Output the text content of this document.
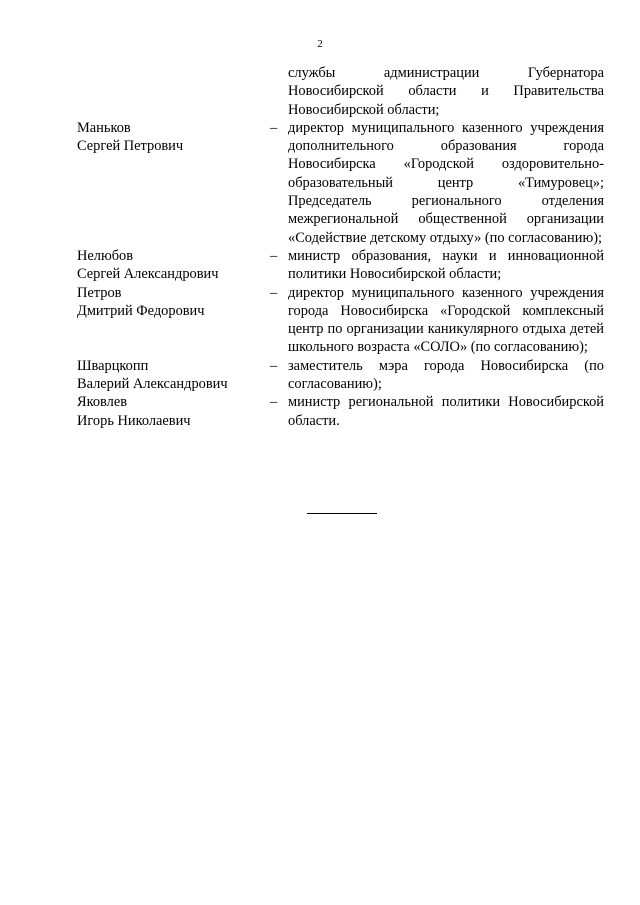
2
службы администрации Губернатора Новосибирской области и Правительства Новосибирской области;
Маньков
Сергей Петрович
– директор муниципального казенного учреждения дополнительного образования города Новосибирска «Городской оздоровительно-образовательный центр «Тимуровец»; Председатель регионального отделения межрегиональной общественной организации «Содействие детскому отдыху» (по согласованию);
Нелюбов
Сергей Александрович
– министр образования, науки и инновационной политики Новосибирской области;
Петров
Дмитрий Федорович
– директор муниципального казенного учреждения города Новосибирска «Городской комплексный центр по организации каникулярного отдыха детей школьного возраста «СОЛО» (по согласованию);
Шварцкопп
Валерий Александрович
– заместитель мэра города Новосибирска (по согласованию);
Яковлев
Игорь Николаевич
– министр региональной политики Новосибирской области.
